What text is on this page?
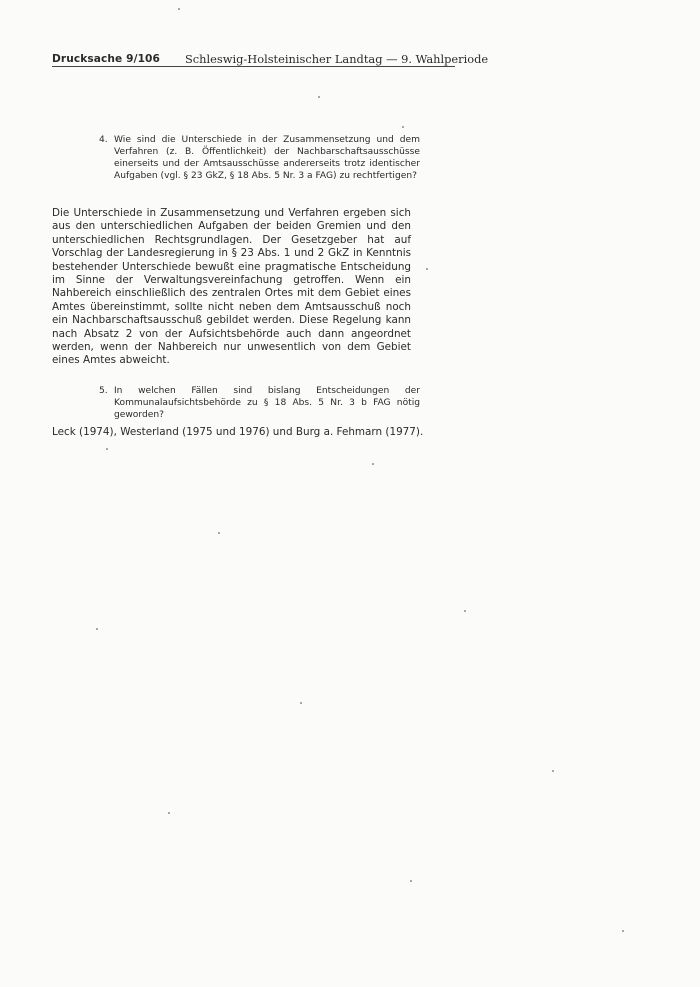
Drucksache 9/106 Schleswig-Holsteinischer Landtag — 9. Wahlperiode
4. Wie sind die Unterschiede in der Zusammensetzung und dem Verfahren (z. B. Öffentlichkeit) der Nachbarschaftsausschüsse einerseits und der Amtsausschüsse andererseits trotz identischer Aufgaben (vgl. § 23 GkZ, § 18 Abs. 5 Nr. 3 a FAG) zu rechtfertigen?

Die Unterschiede in Zusammensetzung und Verfahren ergeben sich aus den unterschiedlichen Aufgaben der beiden Gremien und den unterschiedlichen Rechtsgrundlagen. Der Gesetzgeber hat auf Vorschlag der Landesregierung in § 23 Abs. 1 und 2 GkZ in Kenntnis bestehender Unterschiede bewußt eine pragmatische Entscheidung im Sinne der Verwaltungsvereinfachung getroffen. Wenn ein Nahbereich einschließlich des zentralen Ortes mit dem Gebiet eines Amtes übereinstimmt, sollte nicht neben dem Amtsausschuß noch ein Nachbarschaftsausschuß gebildet werden. Diese Regelung kann nach Absatz 2 von der Aufsichtsbehörde auch dann angeordnet werden, wenn der Nahbereich nur unwesentlich von dem Gebiet eines Amtes abweicht.

5. In welchen Fällen sind bislang Entscheidungen der Kommunalaufsichtsbehörde zu § 18 Abs. 5 Nr. 3 b FAG nötig geworden?

Leck (1974), Westerland (1975 und 1976) und Burg a. Fehmarn (1977).
